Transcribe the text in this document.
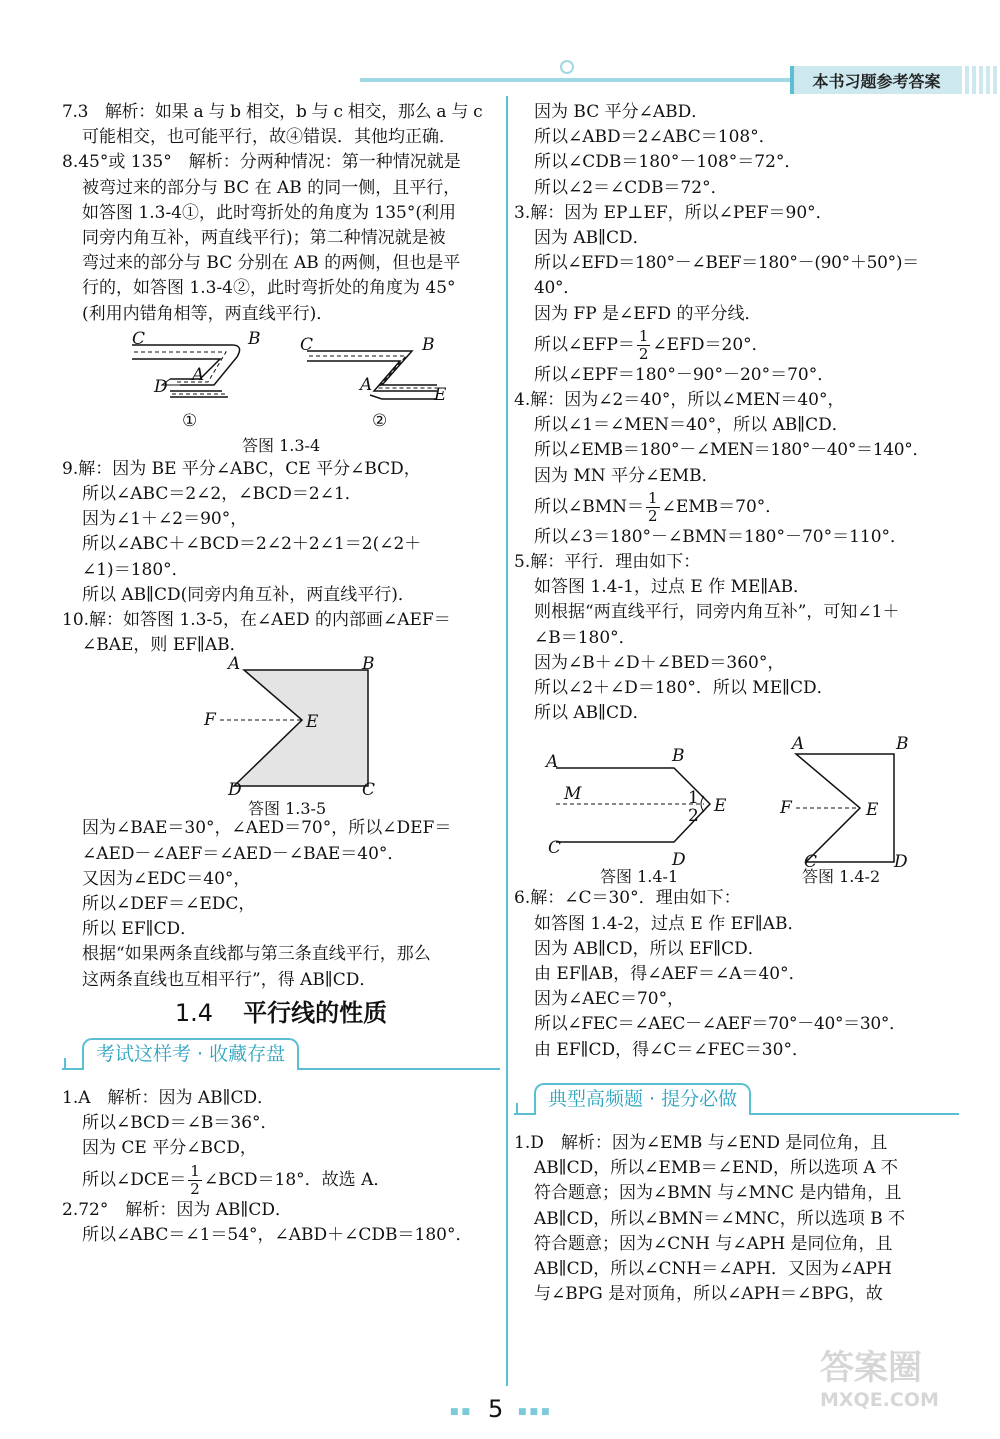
本书习题参考答案

7.3　解析：如果 a 与 b 相交，b 与 c 相交，那么 a 与 c

可能相交，也可能平行，故④错误．其他均正确．

8.45°或 135°　解析：分两种情况：第一种情况就是

被弯过来的部分与 BC 在 AB 的同一侧，且平行，

如答图 1.3-4①，此时弯折处的角度为 135°(利用

同旁内角互补，两直线平行)；第二种情况就是被

弯过来的部分与 BC 分别在 AB 的两侧，但也是平

行的，如答图 1.3-4②，此时弯折处的角度为 45°

(利用内错角相等，两直线平行)．

C	B
A
D
C	B
A	E
①	②
答图 1.3-4

9.解：因为 BE 平分∠ABC，CE 平分∠BCD，

所以∠ABC＝2∠2，∠BCD＝2∠1．

因为∠1＋∠2＝90°，

所以∠ABC＋∠BCD＝2∠2＋2∠1＝2(∠2＋

∠1)＝180°．

所以 AB∥CD(同旁内角互补，两直线平行)．

10.解：如答图 1.3-5，在∠AED 的内部画∠AEF＝

∠BAE，则 EF∥AB．

A	B
F	E
D	C
答图 1.3-5

因为∠BAE＝30°，∠AED＝70°，所以∠DEF＝

∠AED－∠AEF＝∠AED－∠BAE＝40°．

又因为∠EDC＝40°，

所以∠DEF＝∠EDC，

所以 EF∥CD．

根据“如果两条直线都与第三条直线平行，那么

这两条直线也互相平行”，得 AB∥CD．

1.4 平行线的性质
考试这样考 · 收藏存盘

1.A　解析：因为 AB∥CD．

所以∠BCD＝∠B＝36°．

因为 CE 平分∠BCD，

所以∠DCE＝ $\frac{1}{2}$ ∠BCD＝18°．故选 A．

2.72°　解析：因为 AB∥CD．

所以∠ABC＝∠1＝54°，∠ABD＋∠CDB＝180°．

因为 BC 平分∠ABD．

所以∠ABD＝2∠ABC＝108°．

所以∠CDB＝180°－108°＝72°．

所以∠2＝∠CDB＝72°．

3.解：因为 EP⊥EF，所以∠PEF＝90°．

因为 AB∥CD．

所以∠EFD＝180°－∠BEF＝180°－(90°＋50°)＝40°．

因为 FP 是∠EFD 的平分线．

所以∠EFP＝ $\frac{1}{2}$ ∠EFD＝20°．

所以∠EPF＝180°－90°－20°＝70°．

4.解：因为∠2＝40°，所以∠MEN＝40°，

所以∠1＝∠MEN＝40°，所以 AB∥CD．

所以∠EMB＝180°－∠MEN＝180°－40°＝140°．

因为 MN 平分∠EMB．

所以∠BMN＝ $\frac{1}{2}$ ∠EMB＝70°．

所以∠3＝180°－∠BMN＝180°－70°＝110°．

5.解：平行．理由如下：

如答图 1.4-1，过点 E 作 ME∥AB．

则根据“两直线平行，同旁内角互补”，可知∠1＋

∠B＝180°．

因为∠B＋∠D＋∠BED＝360°，

所以∠2＋∠D＝180°．所以 ME∥CD．

所以 AB∥CD．

A	B
M	1
2 E
C
D
答图 1.4-1
A	B
F	E
C	D
答图 1.4-2

6.解：∠C＝30°．理由如下：

如答图 1.4-2，过点 E 作 EF∥AB．

因为 AB∥CD，所以 EF∥CD．

由 EF∥AB，得∠AEF＝∠A＝40°．

因为∠AEC＝70°，

所以∠FEC＝∠AEC－∠AEF＝70°－40°＝30°．

由 EF∥CD，得∠C＝∠FEC＝30°．

典型高频题 · 提分必做

1.D　解析：因为∠EMB 与∠END 是同位角，且

AB∥CD，所以∠EMB＝∠END，所以选项 A 不

符合题意；因为∠BMN 与∠MNC 是内错角，且

AB∥CD，所以∠BMN＝∠MNC，所以选项 B 不

符合题意；因为∠CNH 与∠APH 是同位角，且

AB∥CD，所以∠CNH＝∠APH．又因为∠APH

与∠BPG 是对顶角，所以∠APH＝∠BPG，故

■■ 5 ■■■
答案圈
MXQE.COM
